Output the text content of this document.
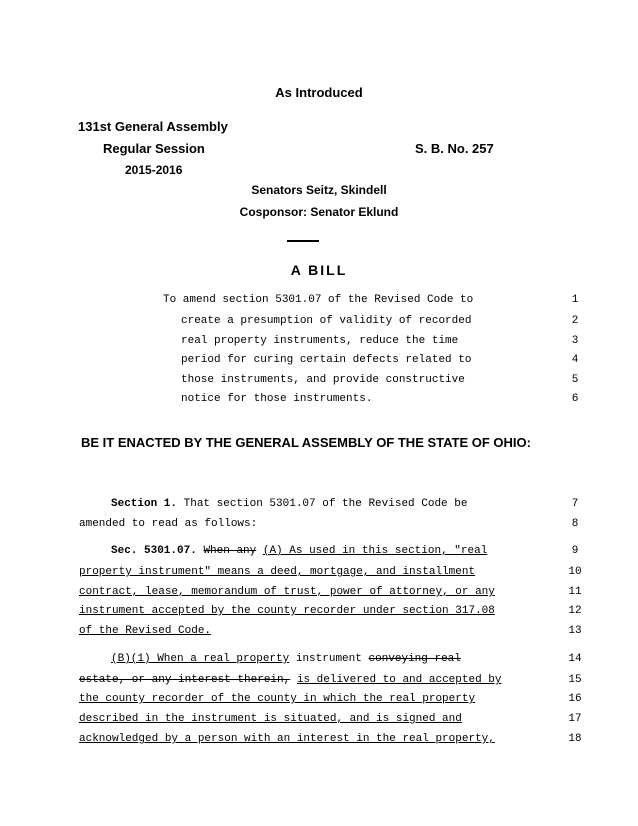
As Introduced
131st General Assembly
Regular Session	S. B. No. 257
2015-2016
Senators Seitz, Skindell
Cosponsor: Senator Eklund
A BILL
To amend section 5301.07 of the Revised Code to	1
create a presumption of validity of recorded	2
real property instruments, reduce the time	3
period for curing certain defects related to	4
those instruments, and provide constructive	5
notice for those instruments.	6
BE IT ENACTED BY THE GENERAL ASSEMBLY OF THE STATE OF OHIO:
Section 1. That section 5301.07 of the Revised Code be	7
amended to read as follows:	8
Sec. 5301.07. When any (A) As used in this section, "real	9
property instrument" means a deed, mortgage, and installment	10
contract, lease, memorandum of trust, power of attorney, or any	11
instrument accepted by the county recorder under section 317.08	12
of the Revised Code.	13
(B)(1) When a real property instrument conveying real	14
estate, or any interest therein, is delivered to and accepted by	15
the county recorder of the county in which the real property	16
described in the instrument is situated, and is signed and	17
acknowledged by a person with an interest in the real property,	18
